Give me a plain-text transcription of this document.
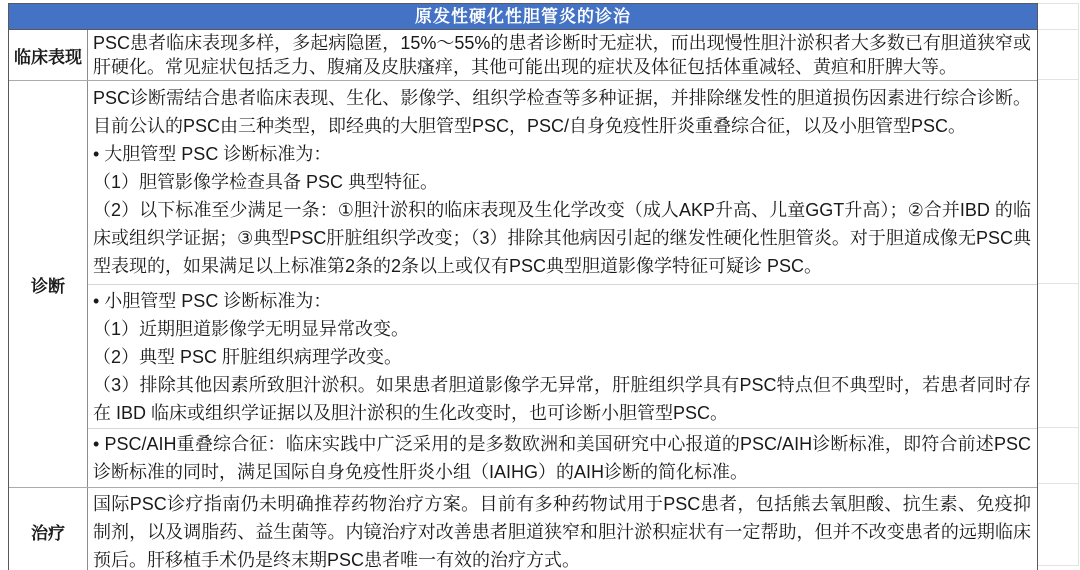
原发性硬化性胆管炎的诊治
临床表现

PSC患者临床表现多样，多起病隐匿，15%～55%的患者诊断时无症状，而出现慢性胆汁淤积者大多数已有胆道狭窄或肝硬化。常见症状包括乏力、腹痛及皮肤瘙痒，其他可能出现的症状及体征包括体重减轻、黄疸和肝脾大等。

诊断

PSC诊断需结合患者临床表现、生化、影像学、组织学检查等多种证据，并排除继发性的胆道损伤因素进行综合诊断。目前公认的PSC由三种类型，即经典的大胆管型PSC，PSC/自身免疫性肝炎重叠综合征，以及小胆管型PSC。

• 大胆管型 PSC 诊断标准为：

（1）胆管影像学检查具备 PSC 典型特征。

（2）以下标准至少满足一条：①胆汁淤积的临床表现及生化学改变（成人AKP升高、儿童GGT升高）；②合并IBD 的临床或组织学证据；③典型PSC肝脏组织学改变；（3）排除其他病因引起的继发性硬化性胆管炎。对于胆道成像无PSC典型表现的，如果满足以上标准第2条的2条以上或仅有PSC典型胆道影像学特征可疑诊 PSC。

• 小胆管型 PSC 诊断标准为：

（1）近期胆道影像学无明显异常改变。

（2）典型 PSC 肝脏组织病理学改变。

（3）排除其他因素所致胆汁淤积。如果患者胆道影像学无异常，肝脏组织学具有PSC特点但不典型时，若患者同时存在 IBD 临床或组织学证据以及胆汁淤积的生化改变时，也可诊断小胆管型PSC。

• PSC/AIH重叠综合征：临床实践中广泛采用的是多数欧洲和美国研究中心报道的PSC/AIH诊断标准，即符合前述PSC诊断标准的同时，满足国际自身免疫性肝炎小组（IAIHG）的AIH诊断的简化标准。

治疗

国际PSC诊疗指南仍未明确推荐药物治疗方案。目前有多种药物试用于PSC患者，包括熊去氧胆酸、抗生素、免疫抑制剂，以及调脂药、益生菌等。内镜治疗对改善患者胆道狭窄和胆汁淤积症状有一定帮助，但并不改变患者的远期临床预后。肝移植手术仍是终末期PSC患者唯一有效的治疗方式。
